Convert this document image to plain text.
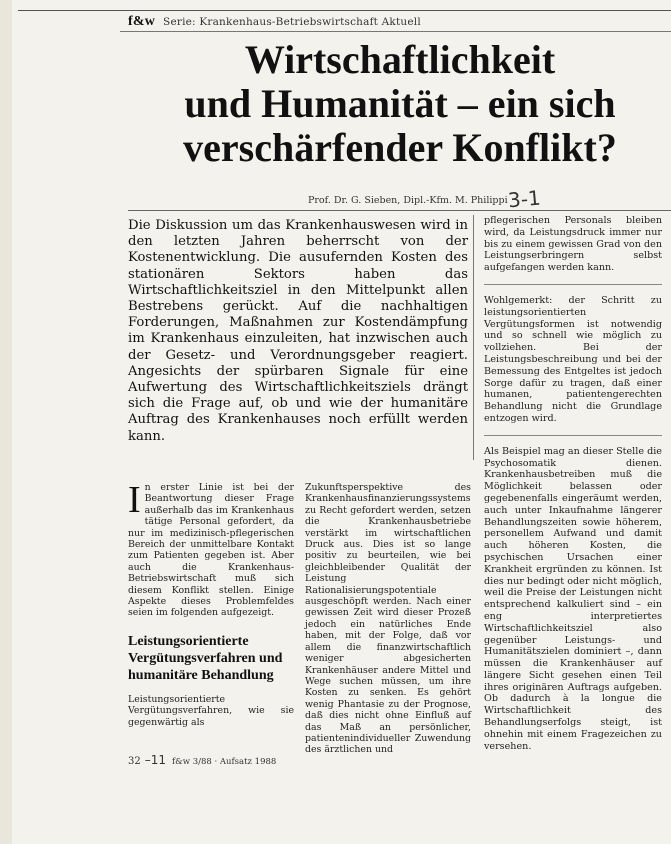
f&w Serie: Krankenhaus-Betriebswirtschaft Aktuell
Wirtschaftlichkeit
und Humanität – ein sich
verschärfender Konflikt?
Prof. Dr. G. Sieben, Dipl.-Kfm. M. Philippi 3-1
Die Diskussion um das Krankenhauswesen wird in den letzten Jahren beherrscht von der Kostenentwicklung. Die ausufernden Kosten des stationären Sektors haben das Wirtschaftlichkeitsziel in den Mittelpunkt allen Bestrebens gerückt. Auf die nachhaltigen Forderungen, Maßnahmen zur Kostendämpfung im Krankenhaus einzuleiten, hat inzwischen auch der Gesetz- und Verordnungsgeber reagiert. Angesichts der spürbaren Signale für eine Aufwertung des Wirtschaftlichkeitsziels drängt sich die Frage auf, ob und wie der humanitäre Auftrag des Krankenhauses noch erfüllt werden kann.

pflegerischen Personals bleiben wird, da Leistungsdruck immer nur bis zu einem gewissen Grad von den Leistungserbringern selbst aufgefangen werden kann.

Wohlgemerkt: der Schritt zu leistungsorientierten Vergütungsformen ist notwendig und so schnell wie möglich zu vollziehen. Bei der Leistungsbeschreibung und bei der Bemessung des Entgeltes ist jedoch Sorge dafür zu tragen, daß einer humanen, patientengerechten Behandlung nicht die Grundlage entzogen wird.

Als Beispiel mag an dieser Stelle die Psychosomatik dienen. Krankenhausbetreiben muß die Möglichkeit belassen oder gegebenenfalls eingeräumt werden, auch unter Inkaufnahme längerer Behandlungszeiten sowie höherem, personellem Aufwand und damit auch höheren Kosten, die psychischen Ursachen einer Krankheit ergründen zu können. Ist dies nur bedingt oder nicht möglich, weil die Preise der Leistungen nicht entsprechend kalkuliert sind – ein eng interpretiertes Wirtschaftlichkeitsziel also gegenüber Leistungs- und Humanitätszielen dominiert –, dann müssen die Krankenhäuser auf längere Sicht gesehen einen Teil ihres originären Auftrags aufgeben. Ob dadurch à la longue die Wirtschaftlichkeit des Behandlungserfolgs steigt, ist ohnehin mit einem Fragezeichen zu versehen.

In erster Linie ist bei der Beantwortung dieser Frage außerhalb das im Krankenhaus tätige Personal gefordert, da nur im medizinisch-pflegerischen Bereich der unmittelbare Kontakt zum Patienten gegeben ist. Aber auch die Krankenhaus-Betriebswirtschaft muß sich diesem Konflikt stellen. Einige Aspekte dieses Problemfeldes seien im folgenden aufgezeigt.

Leistungsorientierte Vergütungsverfahren und humanitäre Behandlung

Leistungsorientierte Vergütungsverfahren, wie sie gegenwärtig als

Zukunftsperspektive des Krankenhausfinanzierungssystems zu Recht gefordert werden, setzen die Krankenhausbetriebe verstärkt im wirtschaftlichen Druck aus. Dies ist so lange positiv zu beurteilen, wie bei gleichbleibender Qualität der Leistung Rationalisierungspotentiale ausgeschöpft werden. Nach einer gewissen Zeit wird dieser Prozeß jedoch ein natürliches Ende haben, mit der Folge, daß vor allem die finanzwirtschaftlich weniger abgesicherten Krankenhäuser andere Mittel und Wege suchen müssen, um ihre Kosten zu senken. Es gehört wenig Phantasie zu der Prognose, daß dies nicht ohne Einfluß auf das Maß an persönlicher, patientenindividueller Zuwendung des ärztlichen und

32 –11 f&w 3/88 · Aufsatz 1988
